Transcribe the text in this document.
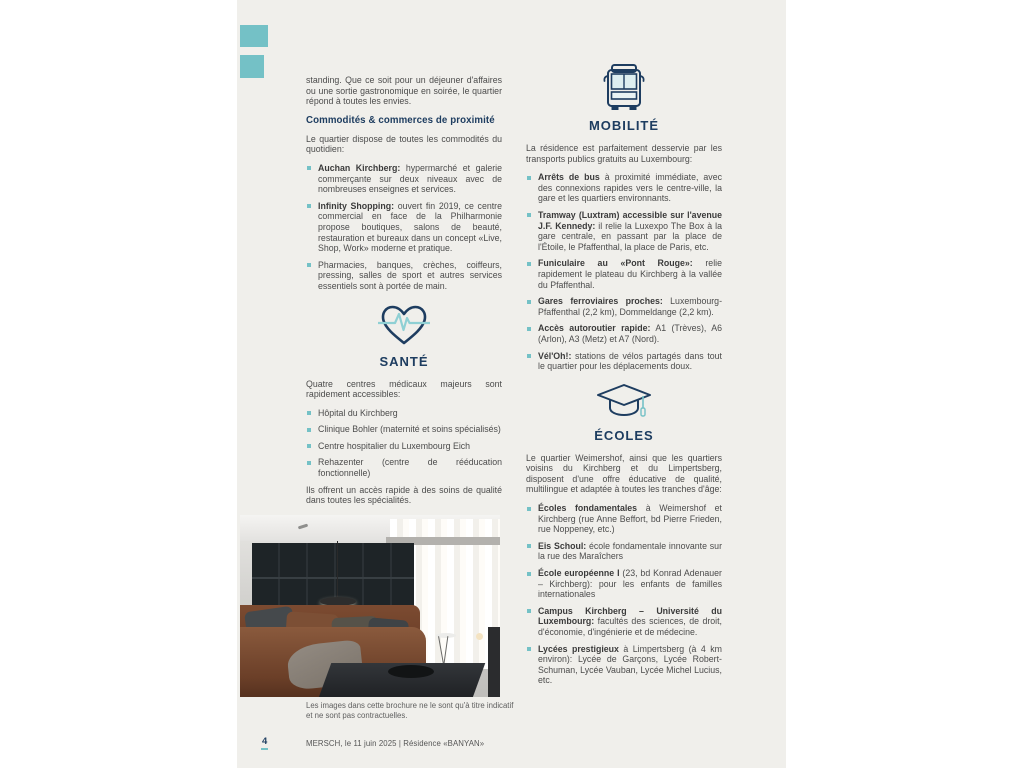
standing. Que ce soit pour un déjeuner d'affaires ou une sortie gastronomique en soirée, le quartier répond à toutes les envies.

Commodités & commerces de proximité

Le quartier dispose de toutes les commodités du quotidien:

Auchan Kirchberg: hypermarché et galerie commerçante sur deux niveaux avec de nombreuses enseignes et services.
Infinity Shopping: ouvert fin 2019, ce centre commercial en face de la Philharmonie propose boutiques, salons de beauté, restauration et bureaux dans un concept «Live, Shop, Work» moderne et pratique.
Pharmacies, banques, crèches, coiffeurs, pressing, salles de sport et autres services essentiels sont à portée de main.
SANTÉ

Quatre centres médicaux majeurs sont rapidement accessibles:

Hôpital du Kirchberg
Clinique Bohler (maternité et soins spécialisés)
Centre hospitalier du Luxembourg Eich
Rehazenter (centre de rééducation fonctionnelle)

Ils offrent un accès rapide à des soins de qualité dans toutes les spécialités.

MOBILITÉ

La résidence est parfaitement desservie par les transports publics gratuits au Luxembourg:

Arrêts de bus à proximité immédiate, avec des connexions rapides vers le centre-ville, la gare et les quartiers environnants.
Tramway (Luxtram) accessible sur l'avenue J.F. Kennedy: il relie la Luxexpo The Box à la gare centrale, en passant par la place de l'Étoile, le Pfaffenthal, la place de Paris, etc.
Funiculaire au «Pont Rouge»: relie rapidement le plateau du Kirchberg à la vallée du Pfaffenthal.
Gares ferroviaires proches: Luxembourg-Pfaffenthal (2,2 km), Dommeldange (2,2 km).
Accès autoroutier rapide: A1 (Trèves), A6 (Arlon), A3 (Metz) et A7 (Nord).
Vél'Oh!: stations de vélos partagés dans tout le quartier pour les déplacements doux.
ÉCOLES

Le quartier Weimershof, ainsi que les quartiers voisins du Kirchberg et du Limpertsberg, disposent d'une offre éducative de qualité, multilingue et adaptée à toutes les tranches d'âge:

Écoles fondamentales à Weimershof et Kirchberg (rue Anne Beffort, bd Pierre Frieden, rue Noppeney, etc.)
Eis Schoul: école fondamentale innovante sur la rue des Maraîchers
École européenne I (23, bd Konrad Adenauer – Kirchberg): pour les enfants de familles internationales
Campus Kirchberg – Université du Luxembourg: facultés des sciences, de droit, d'économie, d'ingénierie et de médecine.
Lycées prestigieux à Limpertsberg (à 4 km environ): Lycée de Garçons, Lycée Robert-Schuman, Lycée Vauban, Lycée Michel Lucius, etc.
Les images dans cette brochure ne le sont qu'à titre indicatif et ne sont pas contractuelles.
4	MERSCH, le 11 juin 2025 | Résidence «BANYAN»
